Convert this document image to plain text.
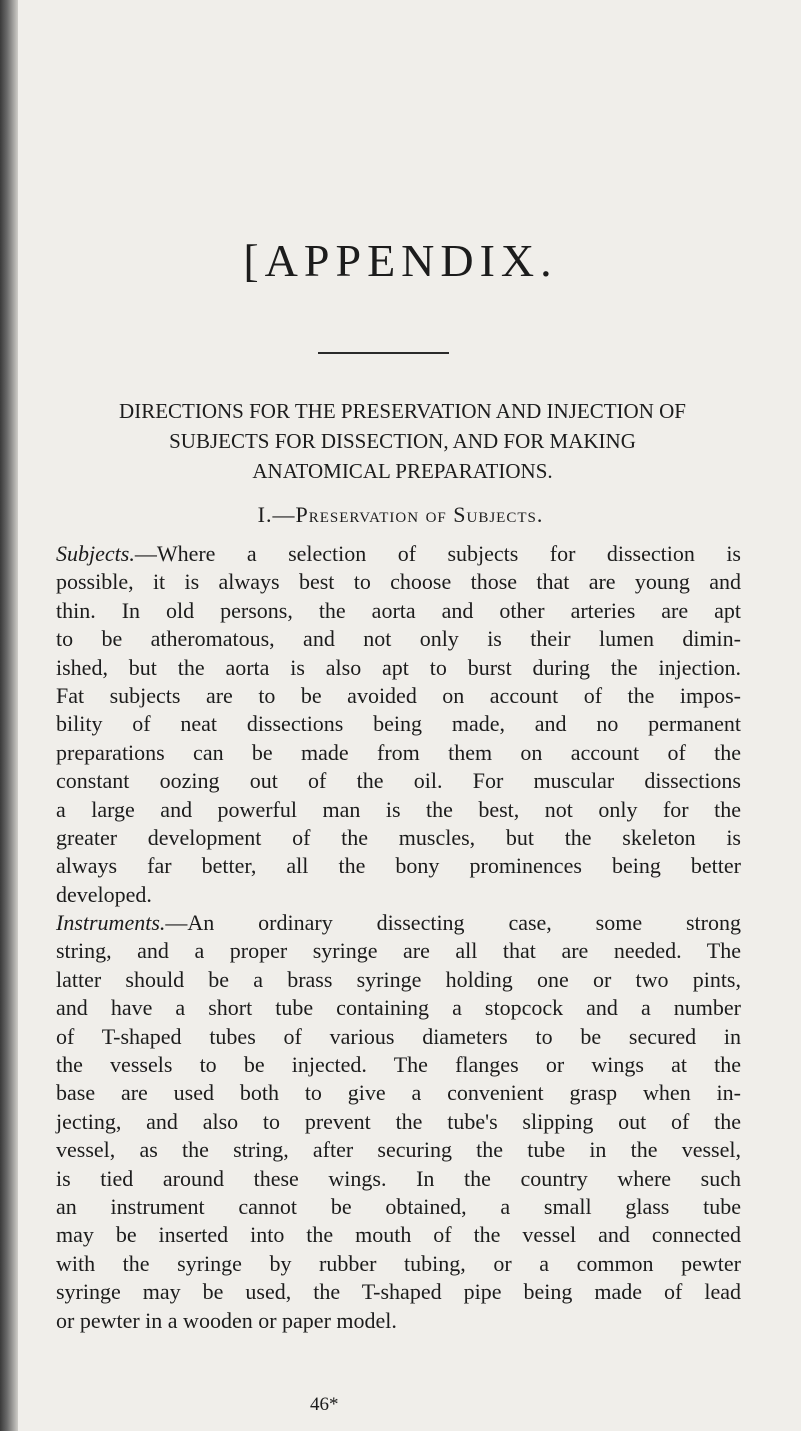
[APPENDIX.
DIRECTIONS FOR THE PRESERVATION AND INJECTION OF
SUBJECTS FOR DISSECTION, AND FOR MAKING
ANATOMICAL PREPARATIONS.
I.—Preservation of Subjects.
Subjects.—Where a selection of subjects for dissection is
possible, it is always best to choose those that are young and
thin. In old persons, the aorta and other arteries are apt
to be atheromatous, and not only is their lumen dimin-
ished, but the aorta is also apt to burst during the injection.
Fat subjects are to be avoided on account of the impos-
bility of neat dissections being made, and no permanent
preparations can be made from them on account of the
constant oozing out of the oil. For muscular dissections
a large and powerful man is the best, not only for the
greater development of the muscles, but the skeleton is
always far better, all the bony prominences being better
developed.
Instruments.—An ordinary dissecting case, some strong
string, and a proper syringe are all that are needed. The
latter should be a brass syringe holding one or two pints,
and have a short tube containing a stopcock and a number
of T-shaped tubes of various diameters to be secured in
the vessels to be injected. The flanges or wings at the
base are used both to give a convenient grasp when in-
jecting, and also to prevent the tube's slipping out of the
vessel, as the string, after securing the tube in the vessel,
is tied around these wings. In the country where such
an instrument cannot be obtained, a small glass tube
may be inserted into the mouth of the vessel and connected
with the syringe by rubber tubing, or a common pewter
syringe may be used, the T-shaped pipe being made of lead
or pewter in a wooden or paper model.
46*
